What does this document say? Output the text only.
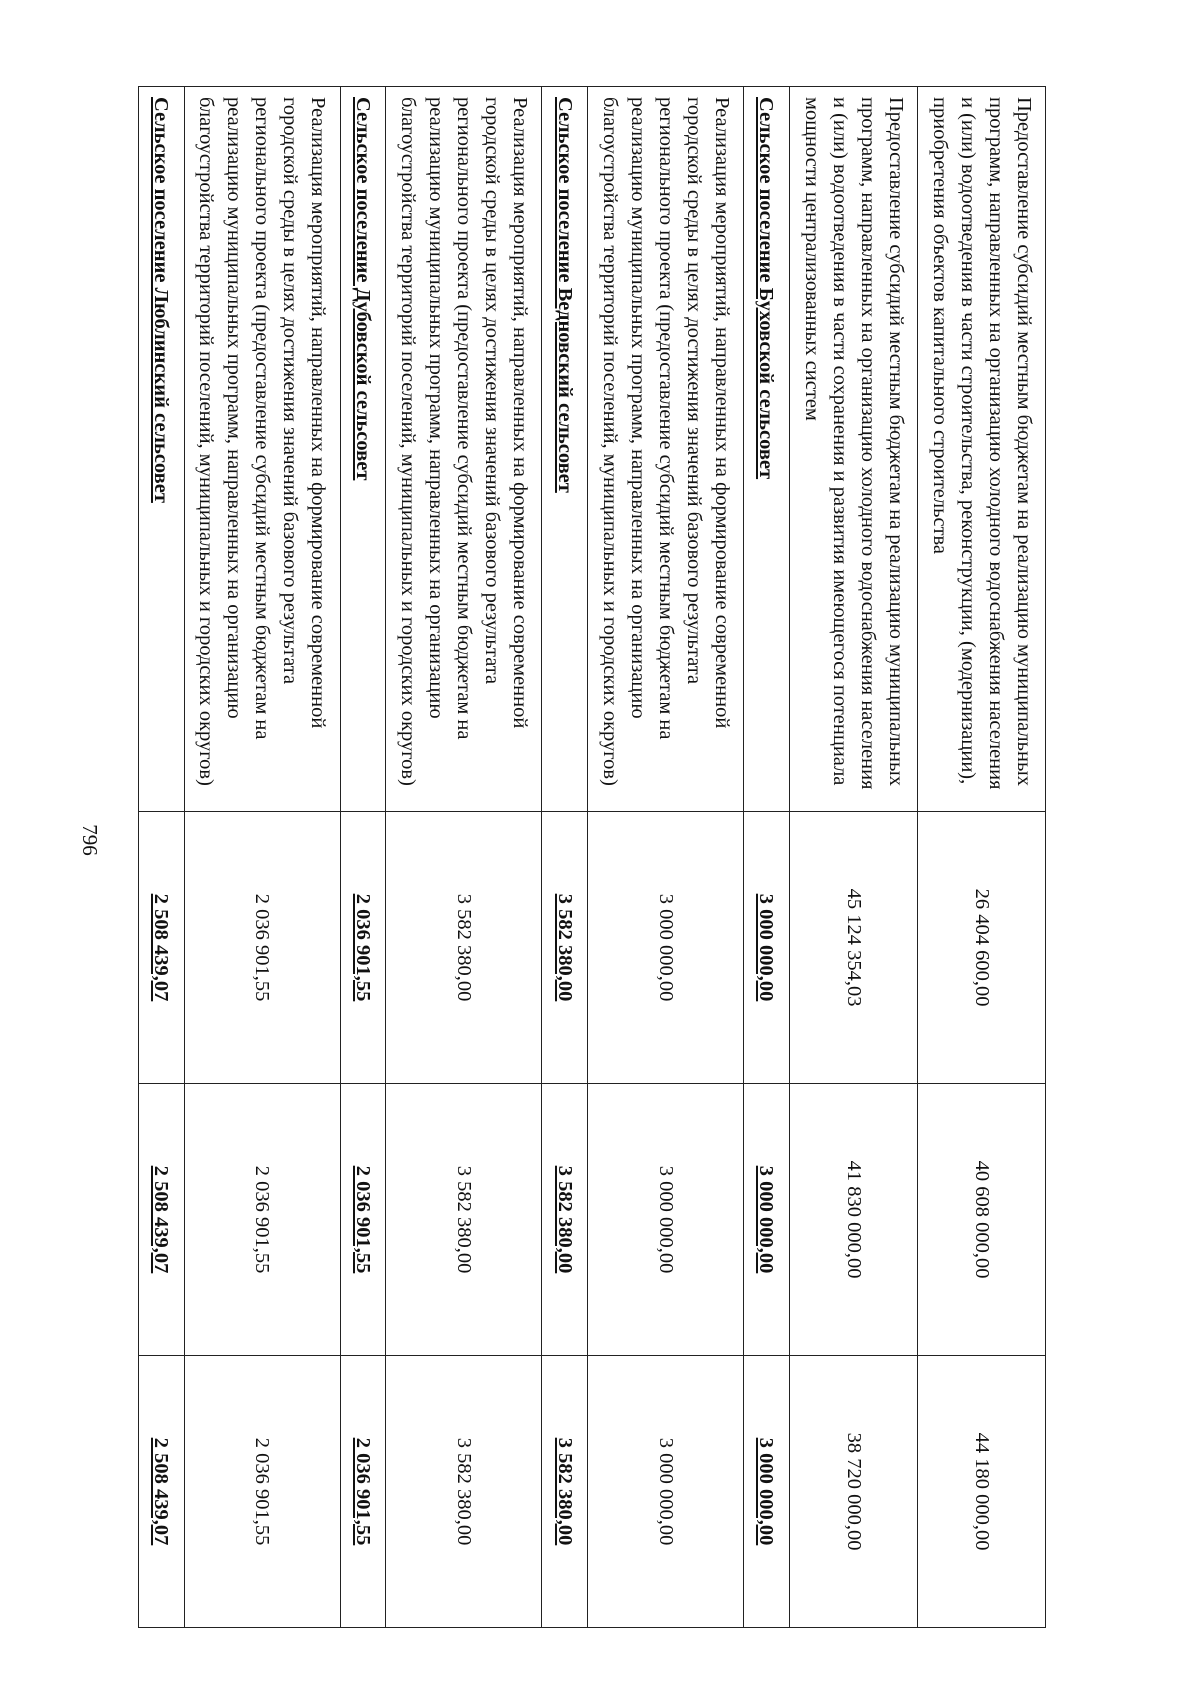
796
Предоставление субсидий местным бюджетам на реализацию муниципальных программ, направленных на организацию холодного водоснабжения населения и (или) водоотведения в части строительства, реконструкции, (модернизации), приобретения объектов капитального строительства	26 404 600,00	40 608 000,00	44 180 000,00
Предоставление субсидий местным бюджетам на реализацию муниципальных программ, направленных на организацию холодного водоснабжения населения и (или) водоотведения в части сохранения и развития имеющегося потенциала мощности централизованных систем	45 124 354,03	41 830 000,00	38 720 000,00
Сельское поселение Буховской сельсовет	3 000 000,00	3 000 000,00	3 000 000,00
Реализация мероприятий, направленных на формирование современной городской среды в целях достижения значений базового результата регионального проекта (предоставление субсидий местным бюджетам на реализацию муниципальных программ, направленных на организацию благоустройства территорий поселений, муниципальных и городских округов)	3 000 000,00	3 000 000,00	3 000 000,00
Сельское поселение Ведновский сельсовет	3 582 380,00	3 582 380,00	3 582 380,00
Реализация мероприятий, направленных на формирование современной городской среды в целях достижения значений базового результата регионального проекта (предоставление субсидий местным бюджетам на реализацию муниципальных программ, направленных на организацию благоустройства территорий поселений, муниципальных и городских округов)	3 582 380,00	3 582 380,00	3 582 380,00
Сельское поселение Дубовской сельсовет	2 036 901,55	2 036 901,55	2 036 901,55
Реализация мероприятий, направленных на формирование современной городской среды в целях достижения значений базового результата регионального проекта (предоставление субсидий местным бюджетам на реализацию муниципальных программ, направленных на организацию благоустройства территорий поселений, муниципальных и городских округов)	2 036 901,55	2 036 901,55	2 036 901,55
Сельское поселение Люблинский сельсовет	2 508 439,07	2 508 439,07	2 508 439,07
